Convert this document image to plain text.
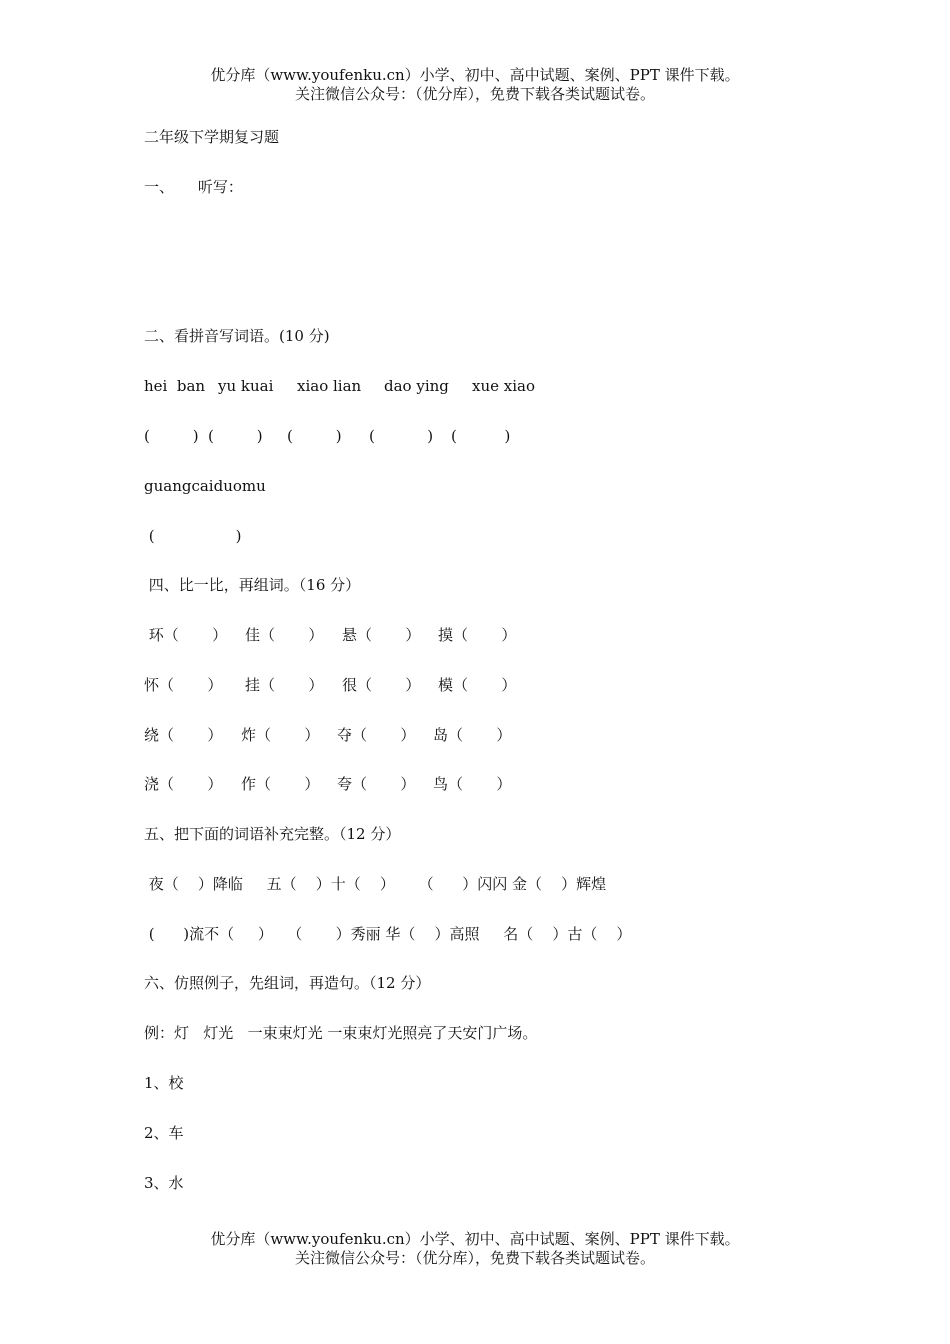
优分库（www.youfenku.cn）小学、初中、高中试题、案例、PPT 课件下载。
关注微信公众号：（优分库），免费下载各类试题试卷。
二年级下学期复习题
一、     听写：
二、看拼音写词语。(10 分)
hei  ban yu kuai xiao lian dao ying xue xiao
(         ) (         ) (         ) (           ) (          )
guangcaiduomu
(                 )
四、比一比，再组词。（16 分）
环（       ） 佳（       ） 悬（       ） 摸（       ）
怀（       ） 挂（       ） 很（       ） 模（       ）
绕（       ） 炸（       ） 夺（       ） 岛（       ）
浇（       ） 作（       ） 夸（       ） 鸟（       ）
五、把下面的词语补充完整。（12 分）
夜（    ）降临     五（    ）十（    ）     （      ）闪闪 金（    ）辉煌
(      )流不（     ）   （       ）秀丽 华（    ）高照     名（    ）古（    ）
六、仿照例子，先组词，再造句。（12 分）
例：灯   灯光   一束束灯光 一束束灯光照亮了天安门广场。
1、校
2、车
3、水
优分库（www.youfenku.cn）小学、初中、高中试题、案例、PPT 课件下载。
关注微信公众号：（优分库），免费下载各类试题试卷。
